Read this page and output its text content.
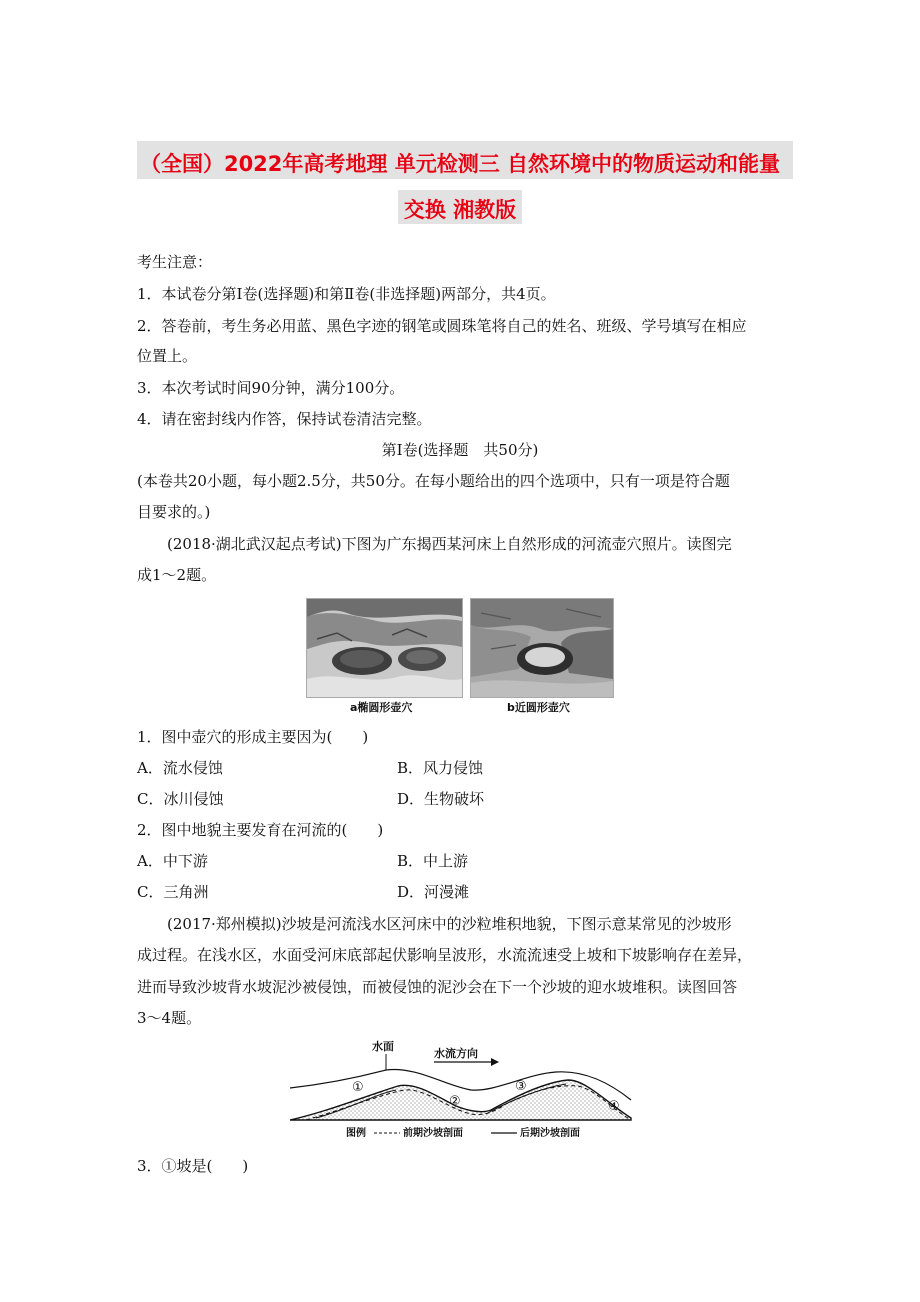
（全国）2022年高考地理 单元检测三 自然环境中的物质运动和能量
交换 湘教版
考生注意：
1．本试卷分第Ⅰ卷(选择题)和第Ⅱ卷(非选择题)两部分，共4页。
2．答卷前，考生务必用蓝、黑色字迹的钢笔或圆珠笔将自己的姓名、班级、学号填写在相应
位置上。
3．本次考试时间90分钟，满分100分。
4．请在密封线内作答，保持试卷清洁完整。
第Ⅰ卷(选择题　共50分)
(本卷共20小题，每小题2.5分，共50分。在每小题给出的四个选项中，只有一项是符合题
目要求的。)
(2018·湖北武汉起点考试)下图为广东揭西某河床上自然形成的河流壶穴照片。读图完
成1～2题。
a椭圆形壶穴	b近圆形壶穴
1．图中壶穴的形成主要因为(　　)
A．流水侵蚀	B．风力侵蚀
C．冰川侵蚀	D．生物破坏
2．图中地貌主要发育在河流的(　　)
A．中下游	B．中上游
C．三角洲	D．河漫滩
(2017·郑州模拟)沙坡是河流浅水区河床中的沙粒堆积地貌，下图示意某常见的沙坡形
成过程。在浅水区，水面受河床底部起伏影响呈波形，水流流速受上坡和下坡影响存在差异，
进而导致沙坡背水坡泥沙被侵蚀，而被侵蚀的泥沙会在下一个沙坡的迎水坡堆积。读图回答
3～4题。
水面
水流方向
①
②
③
④
图例	前期沙坡剖面	后期沙坡剖面
3．①坡是(　　)
